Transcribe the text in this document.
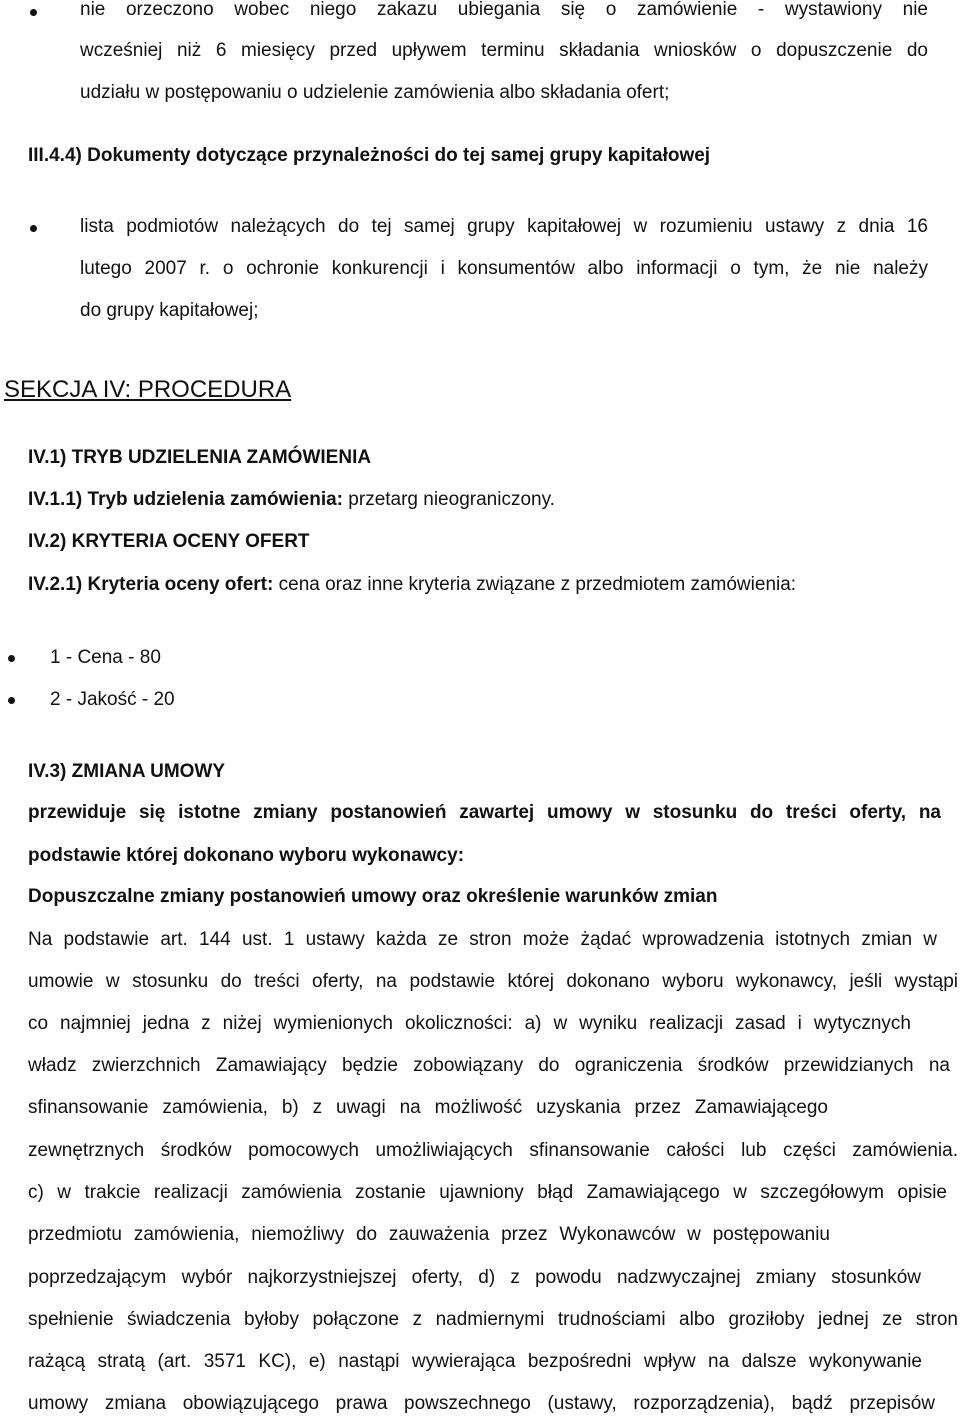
nie orzeczono wobec niego zakazu ubiegania się o zamówienie - wystawiony nie
wcześniej niż 6 miesięcy przed upływem terminu składania wniosków o dopuszczenie do
udziału w postępowaniu o udzielenie zamówienia albo składania ofert;
III.4.4) Dokumenty dotyczące przynależności do tej samej grupy kapitałowej
lista podmiotów należących do tej samej grupy kapitałowej w rozumieniu ustawy z dnia 16
lutego 2007 r. o ochronie konkurencji i konsumentów albo informacji o tym, że nie należy
do grupy kapitałowej;
SEKCJA IV: PROCEDURA
IV.1) TRYB UDZIELENIA ZAMÓWIENIA
IV.1.1) Tryb udzielenia zamówienia: przetarg nieograniczony.
IV.2) KRYTERIA OCENY OFERT
IV.2.1) Kryteria oceny ofert: cena oraz inne kryteria związane z przedmiotem zamówienia:
1 - Cena - 80
2 - Jakość - 20
IV.3) ZMIANA UMOWY
przewiduje się istotne zmiany postanowień zawartej umowy w stosunku do treści oferty, na
podstawie której dokonano wyboru wykonawcy:
Dopuszczalne zmiany postanowień umowy oraz określenie warunków zmian
Na podstawie art. 144 ust. 1 ustawy każda ze stron może żądać wprowadzenia istotnych zmian w
umowie w stosunku do treści oferty, na podstawie której dokonano wyboru wykonawcy, jeśli wystąpi
co najmniej jedna z niżej wymienionych okoliczności: a) w wyniku realizacji zasad i wytycznych
władz zwierzchnich Zamawiający będzie zobowiązany do ograniczenia środków przewidzianych na
sfinansowanie zamówienia, b) z uwagi na możliwość uzyskania przez Zamawiającego
zewnętrznych środków pomocowych umożliwiających sfinansowanie całości lub części zamówienia.
c) w trakcie realizacji zamówienia zostanie ujawniony błąd Zamawiającego w szczegółowym opisie
przedmiotu zamówienia, niemożliwy do zauważenia przez Wykonawców w postępowaniu
poprzedzającym wybór najkorzystniejszej oferty, d) z powodu nadzwyczajnej zmiany stosunków
spełnienie świadczenia byłoby połączone z nadmiernymi trudnościami albo groziłoby jednej ze stron
rażącą stratą (art. 3571 KC), e) nastąpi wywierająca bezpośredni wpływ na dalsze wykonywanie
umowy zmiana obowiązującego prawa powszechnego (ustawy, rozporządzenia), bądź przepisów
